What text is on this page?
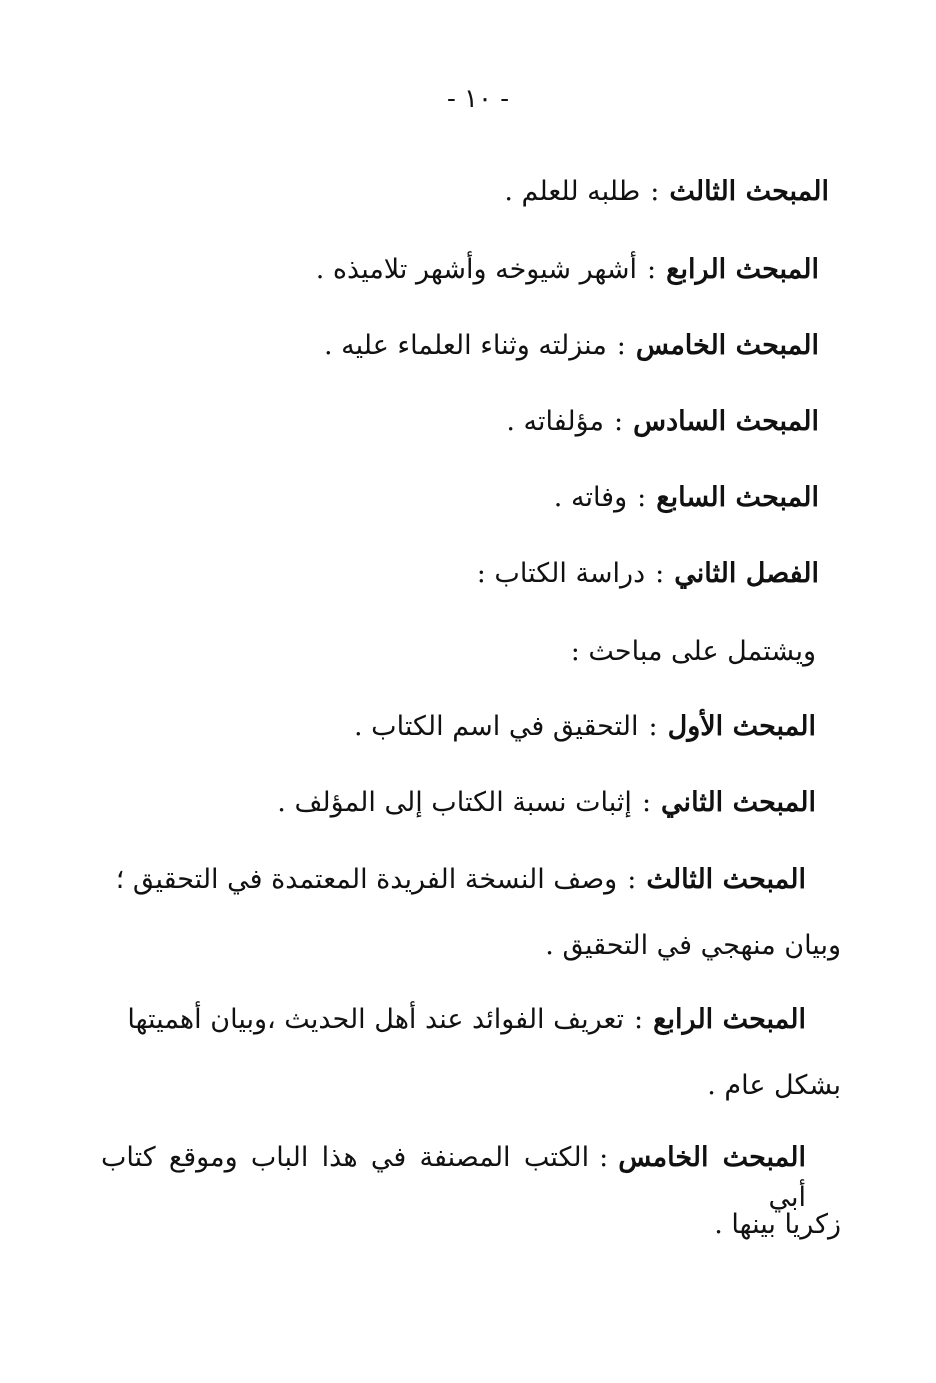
- ١٠ -
المبحث الثالث:طلبه للعلم .
المبحث الرابع:أشهر شيوخه وأشهر تلاميذه .
المبحث الخامس:منزلته وثناء العلماء عليه .
المبحث السادس:مؤلفاته .
المبحث السابع:وفاته .
الفصل الثاني:دراسة الكتاب :
ويشتمل على مباحث :
المبحث الأول:التحقيق في اسم الكتاب .
المبحث الثاني:إثبات نسبة الكتاب إلى المؤلف .
المبحث الثالث:وصف النسخة الفريدة المعتمدة في التحقيق ؛
وبيان منهجي في التحقيق .
المبحث الرابع:تعريف الفوائد عند أهل الحديث ،وبيان أهميتها
بشكل عام .
المبحث الخامس:الكتب المصنفة في هذا الباب وموقع كتاب أبي
زكريا بينها .
